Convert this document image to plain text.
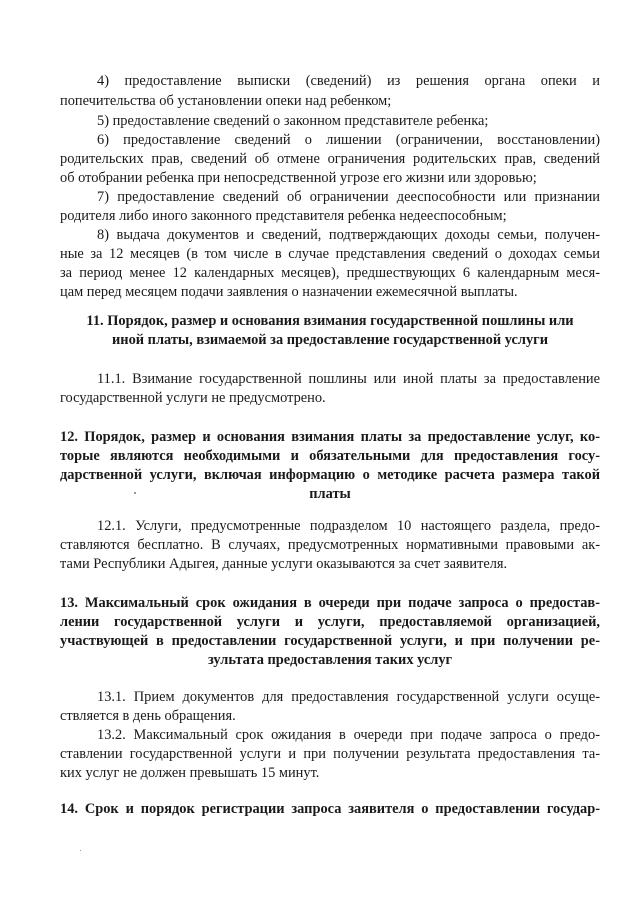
4) предоставление выписки (сведений) из решения органа опеки и
попечительства об установлении опеки над ребенком;
5) предоставление сведений о законном представителе ребенка;
6) предоставление сведений о лишении (ограничении, восстановлении)
родительских прав, сведений об отмене ограничения родительских прав, сведений
об отобрании ребенка при непосредственной угрозе его жизни или здоровью;
7) предоставление сведений об ограничении дееспособности или признании
родителя либо иного законного представителя ребенка недееспособным;
8) выдача документов и сведений, подтверждающих доходы семьи, получен-
ные за 12 месяцев (в том числе в случае представления сведений о доходах семьи
за период менее 12 календарных месяцев), предшествующих 6 календарным меся-
цам перед месяцем подачи заявления о назначении ежемесячной выплаты.
11. Порядок, размер и основания взимания государственной пошлины или
иной платы, взимаемой за предоставление государственной услуги
11.1. Взимание государственной пошлины или иной платы за предоставление
государственной услуги не предусмотрено.
12. Порядок, размер и основания взимания платы за предоставление услуг, ко-
торые являются необходимыми и обязательными для предоставления госу-
дарственной услуги, включая информацию о методике расчета размера такой
платы
12.1. Услуги, предусмотренные подразделом 10 настоящего раздела, предо-
ставляются бесплатно. В случаях, предусмотренных нормативными правовыми ак-
тами Республики Адыгея, данные услуги оказываются за счет заявителя.
13. Максимальный срок ожидания в очереди при подаче запроса о предостав-
лении государственной услуги и услуги, предоставляемой организацией,
участвующей в предоставлении государственной услуги, и при получении ре-
зультата предоставления таких услуг
13.1. Прием документов для предоставления государственной услуги осуще-
ствляется в день обращения.
13.2. Максимальный срок ожидания в очереди при подаче запроса о предо-
ставлении государственной услуги и при получении результата предоставления та-
ких услуг не должен превышать 15 минут.
14. Срок и порядок регистрации запроса заявителя о предоставлении государ-
